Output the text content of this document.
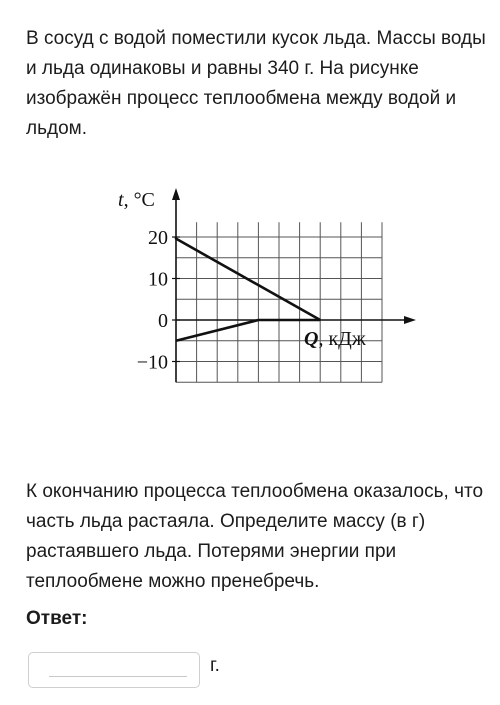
В сосуд с водой поместили кусок льда. Массы воды и льда одинаковы и равны 340 г. На рисунке изображён процесс теплообмена между водой и льдом.

20
10
0
−10
t, °C
Q, кДж

К окончанию процесса теплообмена оказалось, что часть льда растаяла. Определите массу (в г) растаявшего льда. Потерями энергии при теплообмене можно пренебречь.

Ответ:

г.
